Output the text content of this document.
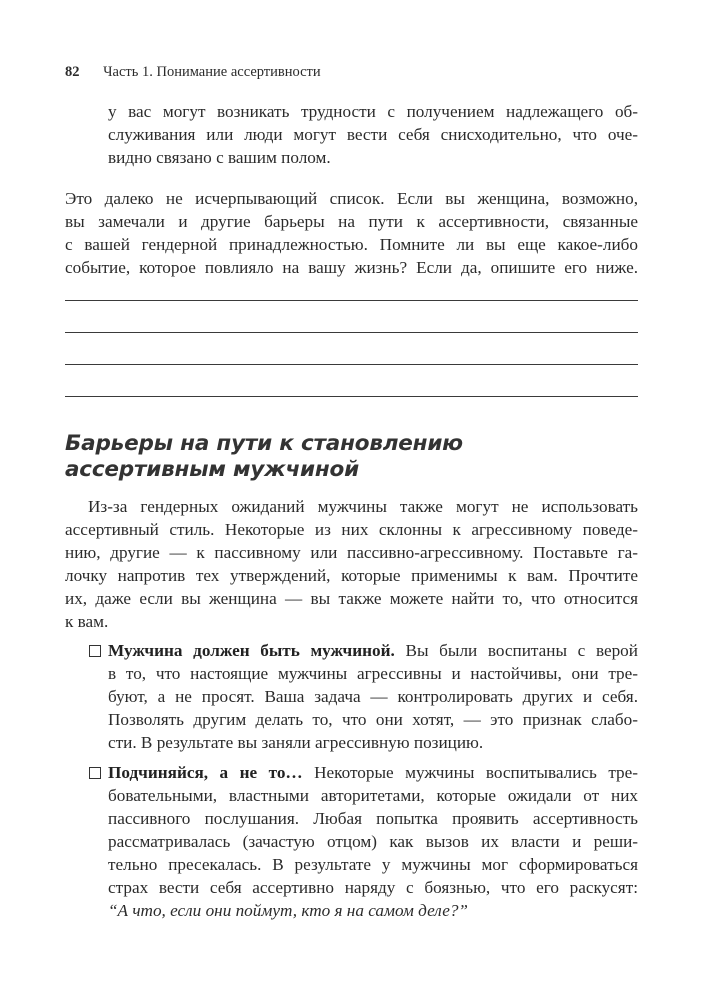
82 Часть 1. Понимание ассертивности
у вас могут возникать трудности с получением надлежащего об-
служивания или люди могут вести себя снисходительно, что оче-
видно связано с вашим полом.
Это далеко не исчерпывающий список. Если вы женщина, возможно,
вы замечали и другие барьеры на пути к ассертивности, связанные
с вашей гендерной принадлежностью. Помните ли вы еще какое-либо
событие, которое повлияло на вашу жизнь? Если да, опишите его ниже.
Барьеры на пути к становлению
ассертивным мужчиной
Из-за гендерных ожиданий мужчины также могут не использовать
ассертивный стиль. Некоторые из них склонны к агрессивному поведе-
нию, другие — к пассивному или пассивно-агрессивному. Поставьте га-
лочку напротив тех утверждений, которые применимы к вам. Прочтите
их, даже если вы женщина — вы также можете найти то, что относится
к вам.
Мужчина должен быть мужчиной. Вы были воспитаны с верой
в то, что настоящие мужчины агрессивны и настойчивы, они тре-
буют, а не просят. Ваша задача — контролировать других и себя.
Позволять другим делать то, что они хотят, — это признак слабо-
сти. В результате вы заняли агрессивную позицию.
Подчиняйся, а не то… Некоторые мужчины воспитывались тре-
бовательными, властными авторитетами, которые ожидали от них
пассивного послушания. Любая попытка проявить ассертивность
рассматривалась (зачастую отцом) как вызов их власти и реши-
тельно пресекалась. В результате у мужчины мог сформироваться
страх вести себя ассертивно наряду с боязнью, что его раскусят:
“А что, если они поймут, кто я на самом деле?”
